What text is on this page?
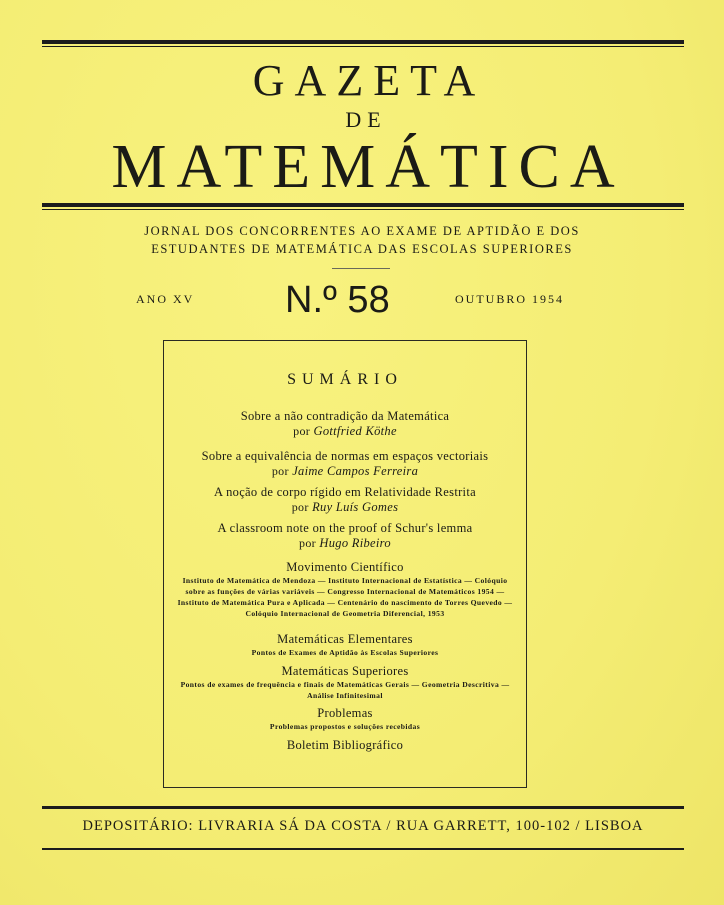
GAZETA
DE
MATEMÁTICA
JORNAL DOS CONCORRENTES AO EXAME DE APTIDÃO E DOS
ESTUDANTES DE MATEMÁTICA DAS ESCOLAS SUPERIORES
ANO XV N.º 58	OUTUBRO 1954
SUMÁRIO
Sobre a não contradição da Matemática
por Gottfried Köthe
Sobre a equivalência de normas em espaços vectoriais
por Jaime Campos Ferreira
A noção de corpo rígido em Relatividade Restrita
por Ruy Luís Gomes
A classroom note on the proof of Schur's lemma
por Hugo Ribeiro
Movimento Científico
Instituto de Matemática de Mendoza — Instituto Internacional de Estatística — Colóquio sobre as funções de várias variáveis — Congresso Internacional de Matemáticos 1954 — Instituto de Matemática Pura e Aplicada — Centenário do nascimento de Torres Quevedo — Colóquio Internacional de Geometria Diferencial, 1953
Matemáticas Elementares
Pontos de Exames de Aptidão às Escolas Superiores
Matemáticas Superiores
Pontos de exames de frequência e finais de Matemáticas Gerais — Geometria Descritiva — Análise Infinitesimal
Problemas
Problemas propostos e soluções recebidas
Boletim Bibliográfico
DEPOSITÁRIO: LIVRARIA SÁ DA COSTA / RUA GARRETT, 100-102 / LISBOA
